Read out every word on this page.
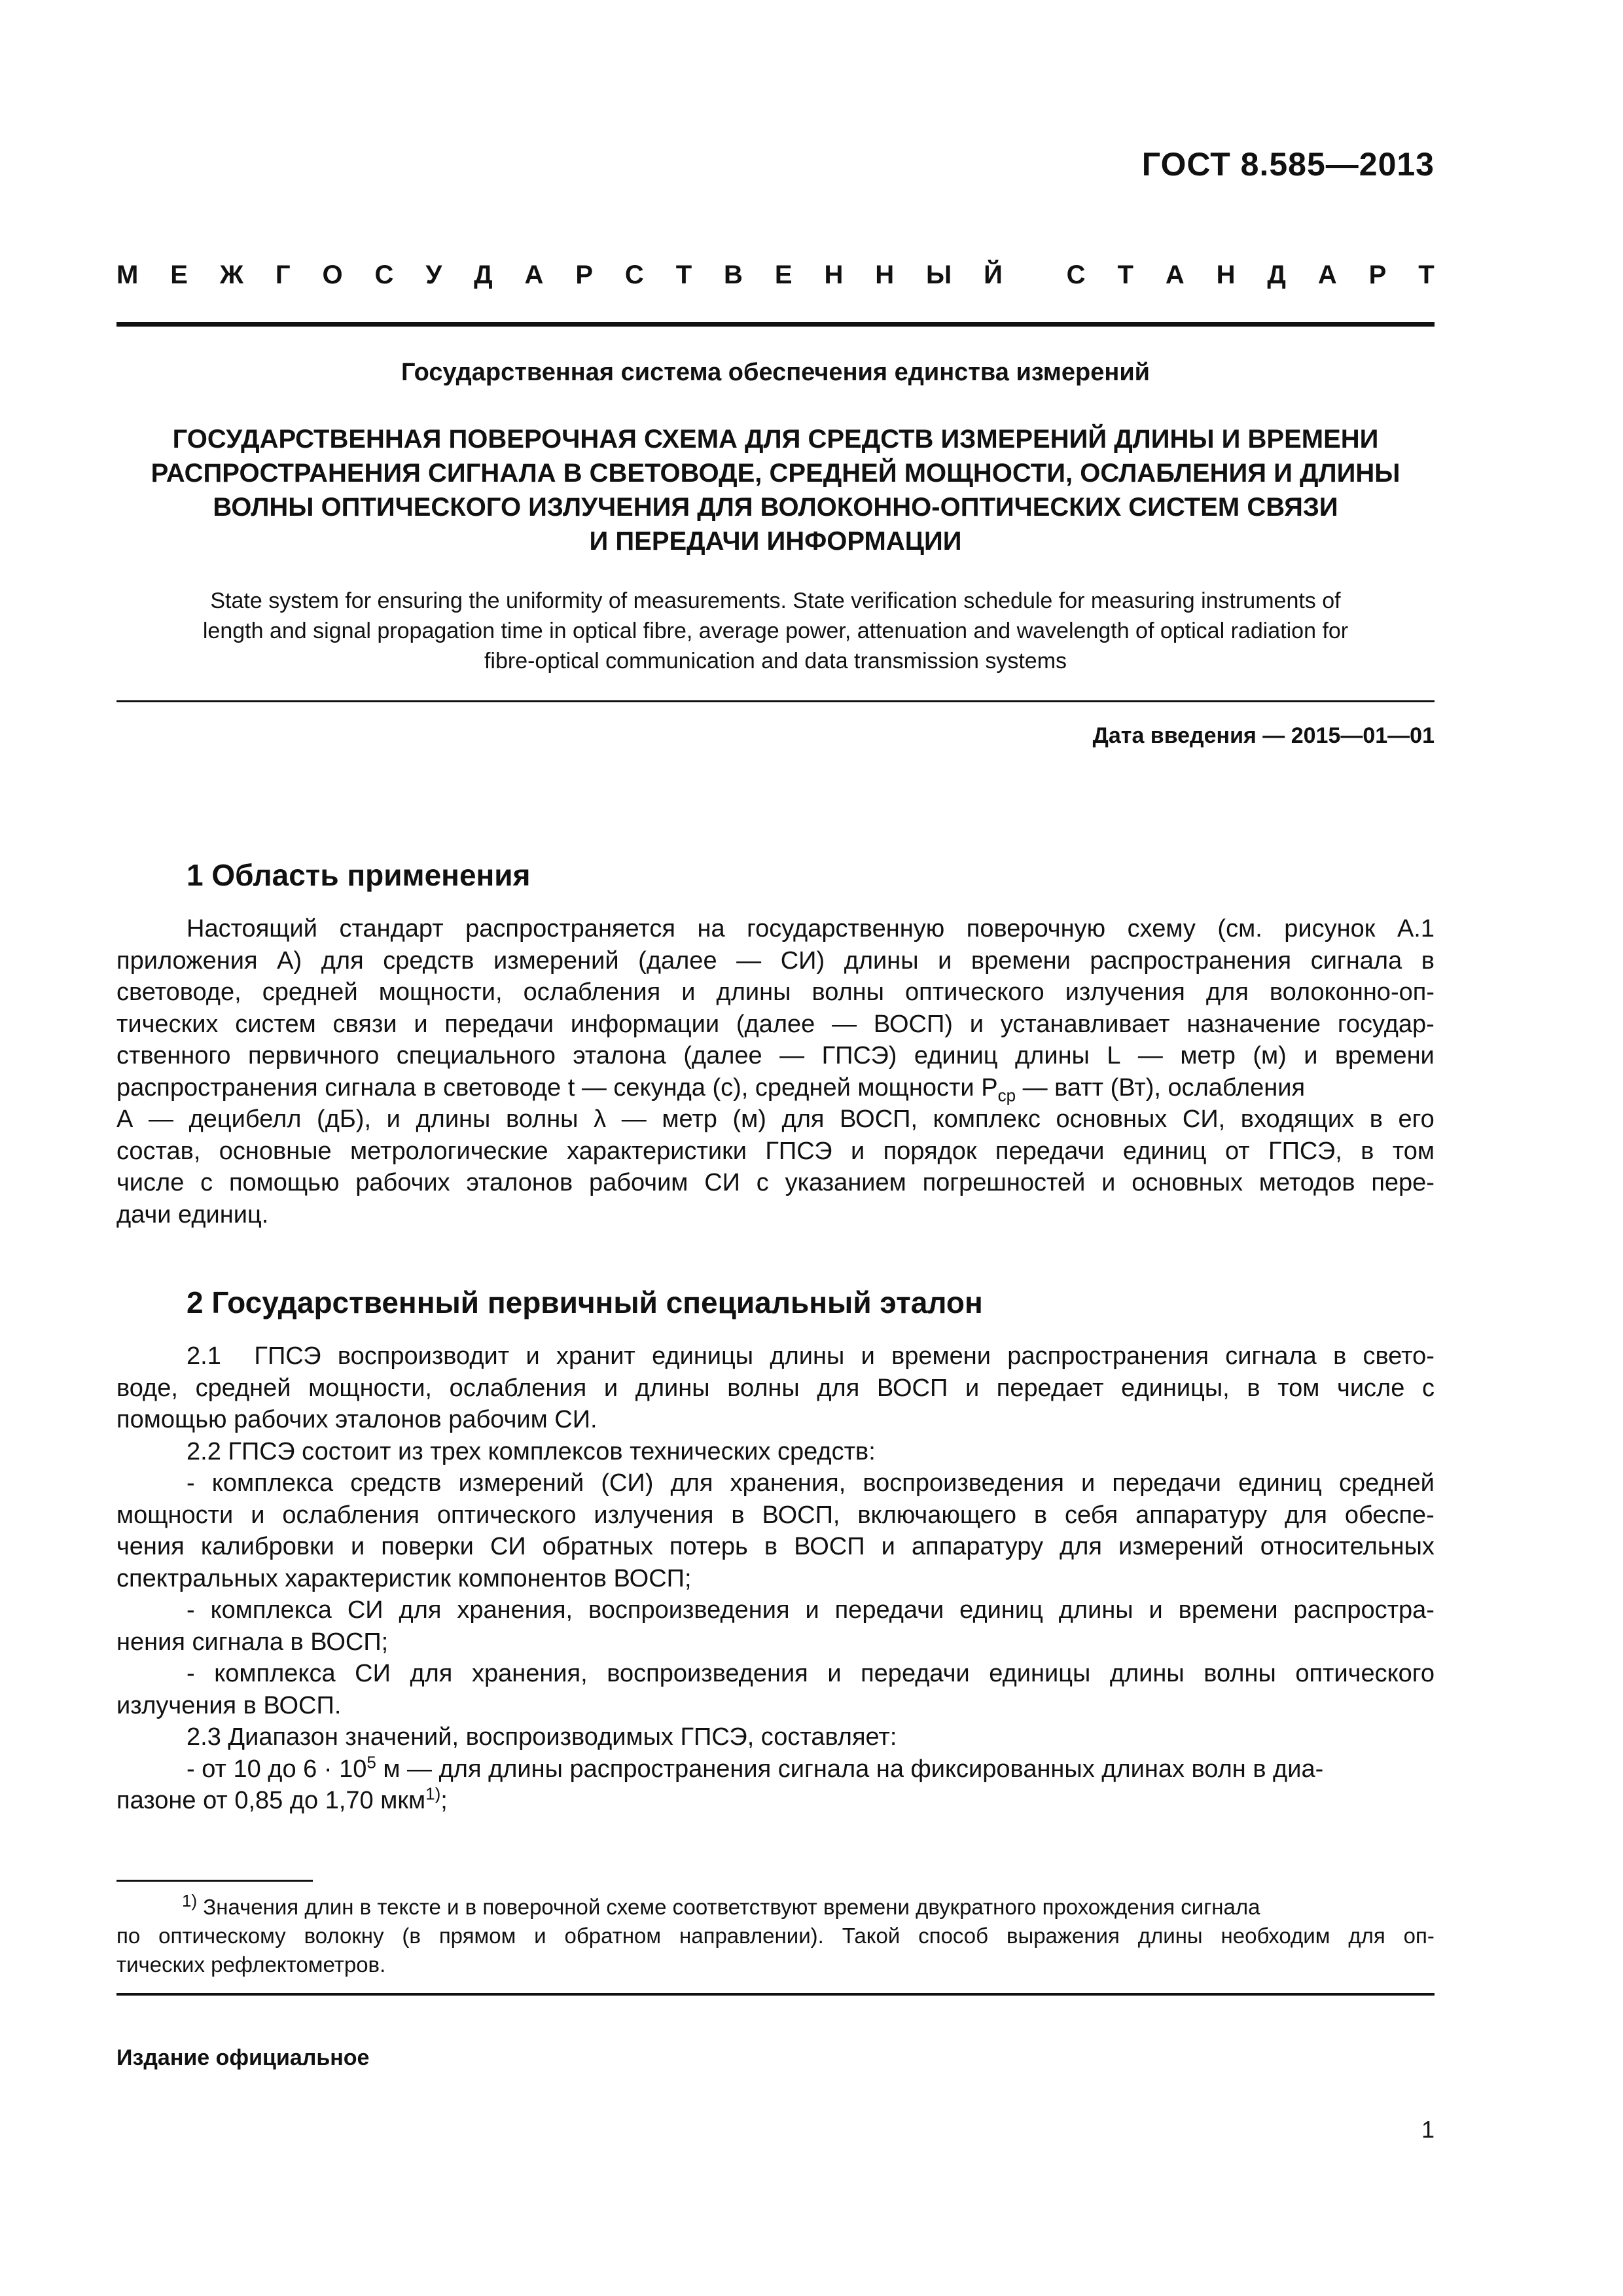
ГОСТ 8.585—2013
М Е Ж Г О С У Д А Р С Т В Е Н Н Ы Й С Т А Н Д А Р Т
Государственная система обеспечения единства измерений
ГОСУДАРСТВЕННАЯ ПОВЕРОЧНАЯ СХЕМА ДЛЯ СРЕДСТВ ИЗМЕРЕНИЙ ДЛИНЫ И ВРЕМЕНИ
РАСПРОСТРАНЕНИЯ СИГНАЛА В СВЕТОВОДЕ, СРЕДНЕЙ МОЩНОСТИ, ОСЛАБЛЕНИЯ И ДЛИНЫ
ВОЛНЫ ОПТИЧЕСКОГО ИЗЛУЧЕНИЯ ДЛЯ ВОЛОКОННО-ОПТИЧЕСКИХ СИСТЕМ СВЯЗИ
И ПЕРЕДАЧИ ИНФОРМАЦИИ
State system for ensuring the uniformity of measurements. State verification schedule for measuring instruments of
length and signal propagation time in optical fibre, average power, attenuation and wavelength of optical radiation for
fibre-optical communication and data transmission systems
Дата введения — 2015—01—01
1 Область применения
Настоящий стандарт распространяется на государственную поверочную схему (см. рисунок А.1
приложения А) для средств измерений (далее — СИ) длины и времени распространения сигнала в
световоде, средней мощности, ослабления и длины волны оптического излучения для волоконно-оп-
тических систем связи и передачи информации (далее — ВОСП) и устанавливает назначение государ-
ственного первичного специального эталона (далее — ГПСЭ) единиц длины L — метр (м) и времени
распространения сигнала в световоде t — секунда (с), средней мощности $P_{ср}$ — ватт (Вт), ослабления
A — децибелл (дБ), и длины волны λ — метр (м) для ВОСП, комплекс основных СИ, входящих в его
состав, основные метрологические характеристики ГПСЭ и порядок передачи единиц от ГПСЭ, в том
числе с помощью рабочих эталонов рабочим СИ с указанием погрешностей и основных методов пере-
дачи единиц.
2 Государственный первичный специальный эталон
2.1 ГПСЭ воспроизводит и хранит единицы длины и времени распространения сигнала в свето-
воде, средней мощности, ослабления и длины волны для ВОСП и передает единицы, в том числе с
помощью рабочих эталонов рабочим СИ.
2.2 ГПСЭ состоит из трех комплексов технических средств:
- комплекса средств измерений (СИ) для хранения, воспроизведения и передачи единиц средней
мощности и ослабления оптического излучения в ВОСП, включающего в себя аппаратуру для обеспе-
чения калибровки и поверки СИ обратных потерь в ВОСП и аппаратуру для измерений относительных
спектральных характеристик компонентов ВОСП;
- комплекса СИ для хранения, воспроизведения и передачи единиц длины и времени распростра-
нения сигнала в ВОСП;
- комплекса СИ для хранения, воспроизведения и передачи единицы длины волны оптического
излучения в ВОСП.
2.3 Диапазон значений, воспроизводимых ГПСЭ, составляет:
- от 10 до $6 \cdot 10^5$ м — для длины распространения сигнала на фиксированных длинах волн в диа-
пазоне от 0,85 до 1,70 мкм$^{1)}$;
$^{1)}$ Значения длин в тексте и в поверочной схеме соответствуют времени двукратного прохождения сигнала
по оптическому волокну (в прямом и обратном направлении). Такой способ выражения длины необходим для оп-
тических рефлектометров.
Издание официальное
1
